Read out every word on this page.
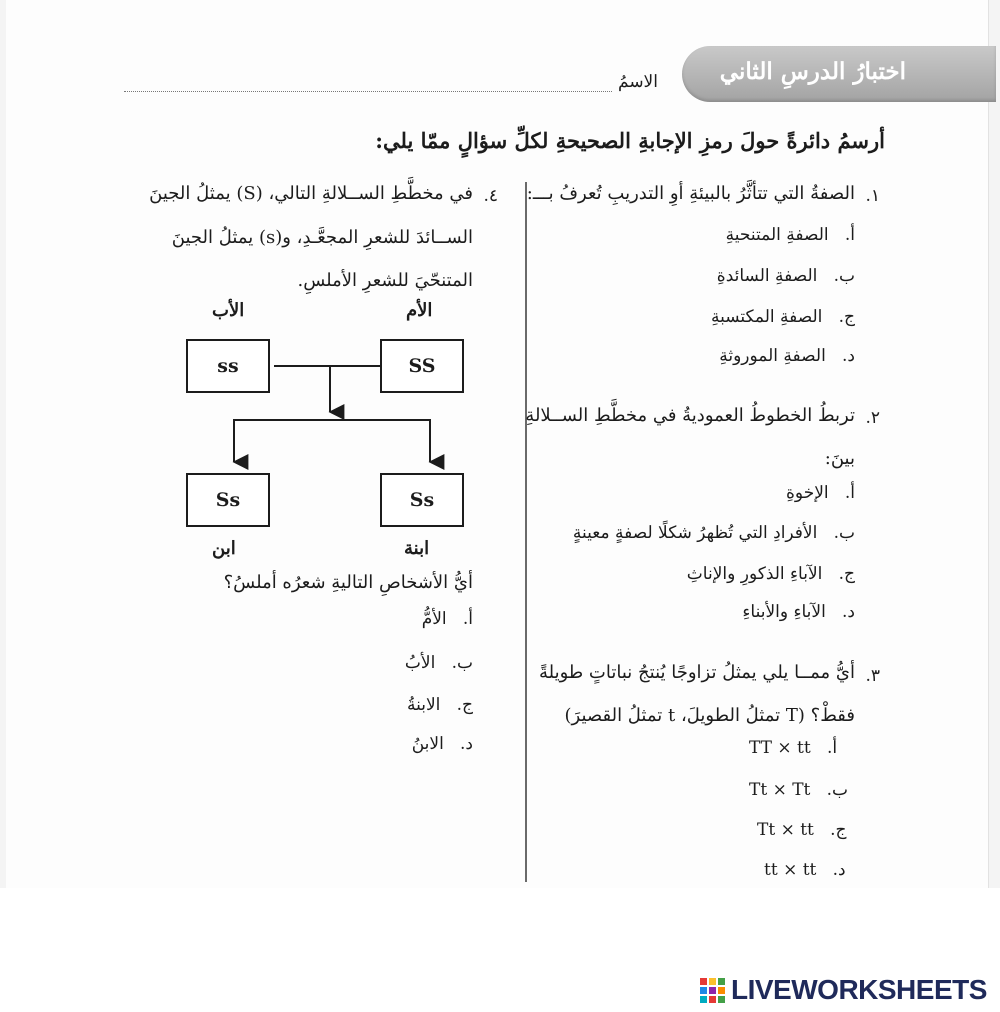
اختبارُ الدرسِ الثاني
الاسمُ
أرسمُ دائرةً حولَ رمزِ الإجابةِ الصحيحةِ لكلِّ سؤالٍ ممّا يلي:
١.
الصفةُ التي تتأثَّرُ بالبيئةِ أوِ التدريبِ تُعرفُ بـــ:
أ.   الصفةِ المتنحيةِ
ب.   الصفةِ السائدةِ
ج.   الصفةِ المكتسبةِ
د.   الصفةِ الموروثةِ
٢.
تربطُ الخطوطُ العموديةُ في مخطَّطِ الســلالةِ
بينَ:
أ.   الإخوةِ
ب.   الأفرادِ التي تُظهرُ شكلًا لصفةٍ معينةٍ
ج.   الآباءِ الذكورِ والإناثِ
د.   الآباءِ والأبناءِ
٣.
أيُّ ممــا يلي يمثلُ تزاوجًا يُنتجُ نباتاتٍ طويلةً
فقطْ؟ (T تمثلُ الطويلَ، t تمثلُ القصيرَ)
أ.   TT × tt
ب.   Tt × Tt
ج.   Tt × tt
د.   tt × tt
٤.
في مخطَّطِ الســلالةِ التالي، (S) يمثلُ الجينَ
الســائدَ للشعرِ المجعَّـدِ، و(s) يمثلُ الجينَ
المتنحّيَ للشعرِ الأملسِ.
الأب	الأم
ss	SS
Ss	Ss
ابن	ابنة
أيُّ الأشخاصِ التاليةِ شعرُه أملسُ؟
أ.   الأمُّ
ب.   الأبُ
ج.   الابنةُ
د.   الابنُ
LIVEWORKSHEETS
